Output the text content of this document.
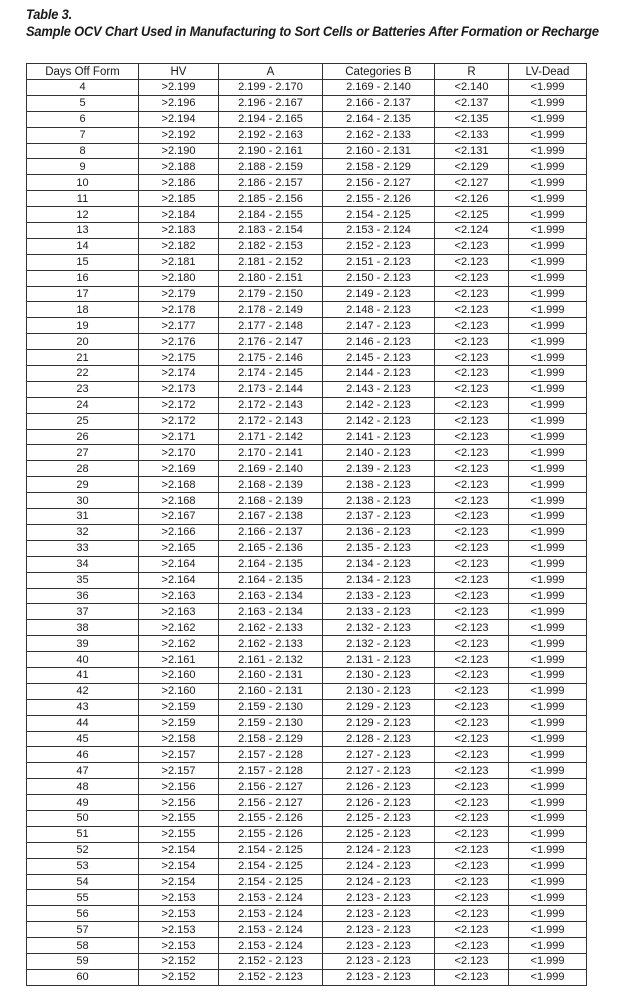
Table 3.

Sample OCV Chart Used in Manufacturing to Sort Cells or Batteries After Formation or Recharge

Days Off Form	HV	A	Categories B	R	LV-Dead
4	>2.199	2.199 - 2.170	2.169 - 2.140	<2.140	<1.999
5	>2.196	2.196 - 2.167	2.166 - 2.137	<2.137	<1.999
6	>2.194	2.194 - 2.165	2.164 - 2.135	<2.135	<1.999
7	>2.192	2.192 - 2.163	2.162 - 2.133	<2.133	<1.999
8	>2.190	2.190 - 2.161	2.160 - 2.131	<2.131	<1.999
9	>2.188	2.188 - 2.159	2.158 - 2.129	<2.129	<1.999
10	>2.186	2.186 - 2.157	2.156 - 2.127	<2.127	<1.999
11	>2.185	2.185 - 2.156	2.155 - 2.126	<2.126	<1.999
12	>2.184	2.184 - 2.155	2.154 - 2.125	<2.125	<1.999
13	>2.183	2.183 - 2.154	2.153 - 2.124	<2.124	<1.999
14	>2.182	2.182 - 2.153	2.152 - 2.123	<2.123	<1.999
15	>2.181	2.181 - 2.152	2.151 - 2.123	<2.123	<1.999
16	>2.180	2.180 - 2.151	2.150 - 2.123	<2.123	<1.999
17	>2.179	2.179 - 2.150	2.149 - 2.123	<2.123	<1.999
18	>2.178	2.178 - 2.149	2.148 - 2.123	<2.123	<1.999
19	>2.177	2.177 - 2.148	2.147 - 2.123	<2.123	<1.999
20	>2.176	2.176 - 2.147	2.146 - 2.123	<2.123	<1.999
21	>2.175	2.175 - 2.146	2.145 - 2.123	<2.123	<1.999
22	>2.174	2.174 - 2.145	2.144 - 2.123	<2.123	<1.999
23	>2.173	2.173 - 2.144	2.143 - 2.123	<2.123	<1.999
24	>2.172	2.172 - 2.143	2.142 - 2.123	<2.123	<1.999
25	>2.172	2.172 - 2.143	2.142 - 2.123	<2.123	<1.999
26	>2.171	2.171 - 2.142	2.141 - 2.123	<2.123	<1.999
27	>2.170	2.170 - 2.141	2.140 - 2.123	<2.123	<1.999
28	>2.169	2.169 - 2.140	2.139 - 2.123	<2.123	<1.999
29	>2.168	2.168 - 2.139	2.138 - 2.123	<2.123	<1.999
30	>2.168	2.168 - 2.139	2.138 - 2.123	<2.123	<1.999
31	>2.167	2.167 - 2.138	2.137 - 2.123	<2.123	<1.999
32	>2.166	2.166 - 2.137	2.136 - 2.123	<2.123	<1.999
33	>2.165	2.165 - 2.136	2.135 - 2.123	<2.123	<1.999
34	>2.164	2.164 - 2.135	2.134 - 2.123	<2.123	<1.999
35	>2.164	2.164 - 2.135	2.134 - 2.123	<2.123	<1.999
36	>2.163	2.163 - 2.134	2.133 - 2.123	<2.123	<1.999
37	>2.163	2.163 - 2.134	2.133 - 2.123	<2.123	<1.999
38	>2.162	2.162 - 2.133	2.132 - 2.123	<2.123	<1.999
39	>2.162	2.162 - 2.133	2.132 - 2.123	<2.123	<1.999
40	>2.161	2.161 - 2.132	2.131 - 2.123	<2.123	<1.999
41	>2.160	2.160 - 2.131	2.130 - 2.123	<2.123	<1.999
42	>2.160	2.160 - 2.131	2.130 - 2.123	<2.123	<1.999
43	>2.159	2.159 - 2.130	2.129 - 2.123	<2.123	<1.999
44	>2.159	2.159 - 2.130	2.129 - 2.123	<2.123	<1.999
45	>2.158	2.158 - 2.129	2.128 - 2.123	<2.123	<1.999
46	>2.157	2.157 - 2.128	2.127 - 2.123	<2.123	<1.999
47	>2.157	2.157 - 2.128	2.127 - 2.123	<2.123	<1.999
48	>2.156	2.156 - 2.127	2.126 - 2.123	<2.123	<1.999
49	>2.156	2.156 - 2.127	2.126 - 2.123	<2.123	<1.999
50	>2.155	2.155 - 2.126	2.125 - 2.123	<2.123	<1.999
51	>2.155	2.155 - 2.126	2.125 - 2.123	<2.123	<1.999
52	>2.154	2.154 - 2.125	2.124 - 2.123	<2.123	<1.999
53	>2.154	2.154 - 2.125	2.124 - 2.123	<2.123	<1.999
54	>2.154	2.154 - 2.125	2.124 - 2.123	<2.123	<1.999
55	>2.153	2.153 - 2.124	2.123 - 2.123	<2.123	<1.999
56	>2.153	2.153 - 2.124	2.123 - 2.123	<2.123	<1.999
57	>2.153	2.153 - 2.124	2.123 - 2.123	<2.123	<1.999
58	>2.153	2.153 - 2.124	2.123 - 2.123	<2.123	<1.999
59	>2.152	2.152 - 2.123	2.123 - 2.123	<2.123	<1.999
60	>2.152	2.152 - 2.123	2.123 - 2.123	<2.123	<1.999
